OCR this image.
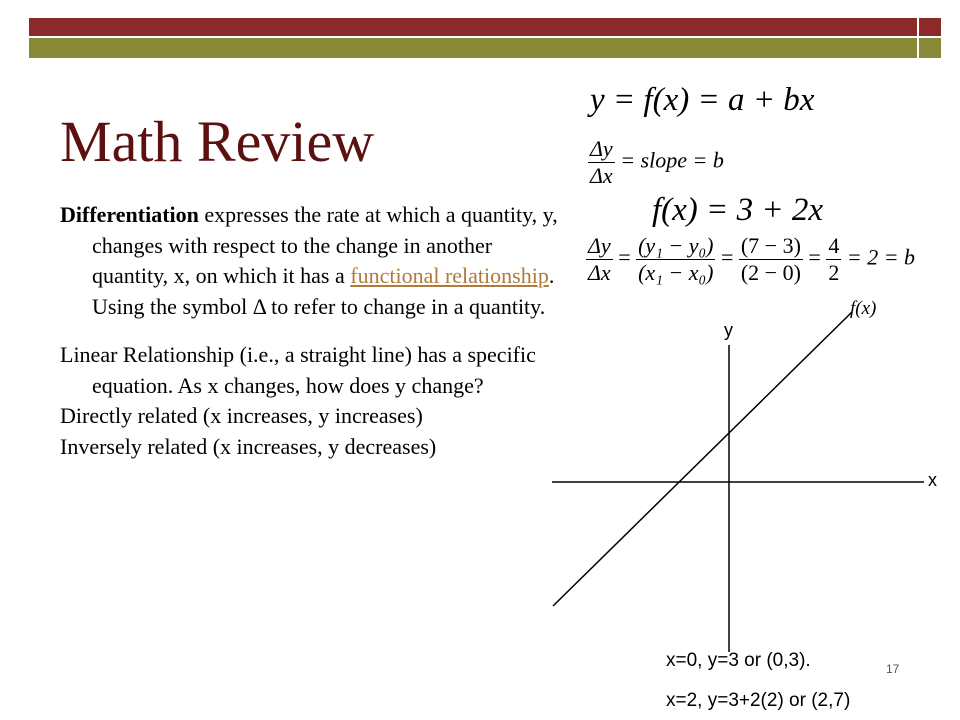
Math Review

Differentiation expresses the rate at which a quantity, y, changes with respect to the change in another quantity, x, on which it has a functional relationship. Using the symbol Δ to refer to change in a quantity.

Linear Relationship (i.e., a straight line) has a specific equation. As x changes, how does y change?

Directly related (x increases, y increases)

Inversely related (x increases, y decreases)

y = f(x) = a + bx
$\frac{\Delta y}{\Delta x}$ = slope = b
f(x) = 3 + 2x
$\frac{\Delta y}{\Delta x} = \frac{\text{(y₁ − y₀)}}{\text{(x₁ − x₀)}} = \frac{(7 - 3)}{(2 - 0)} = \frac{4}{2} = 2 = b$
y
x
f(x)
x=0, y=3 or (0,3).
x=2, y=3+2(2) or (2,7)
17
